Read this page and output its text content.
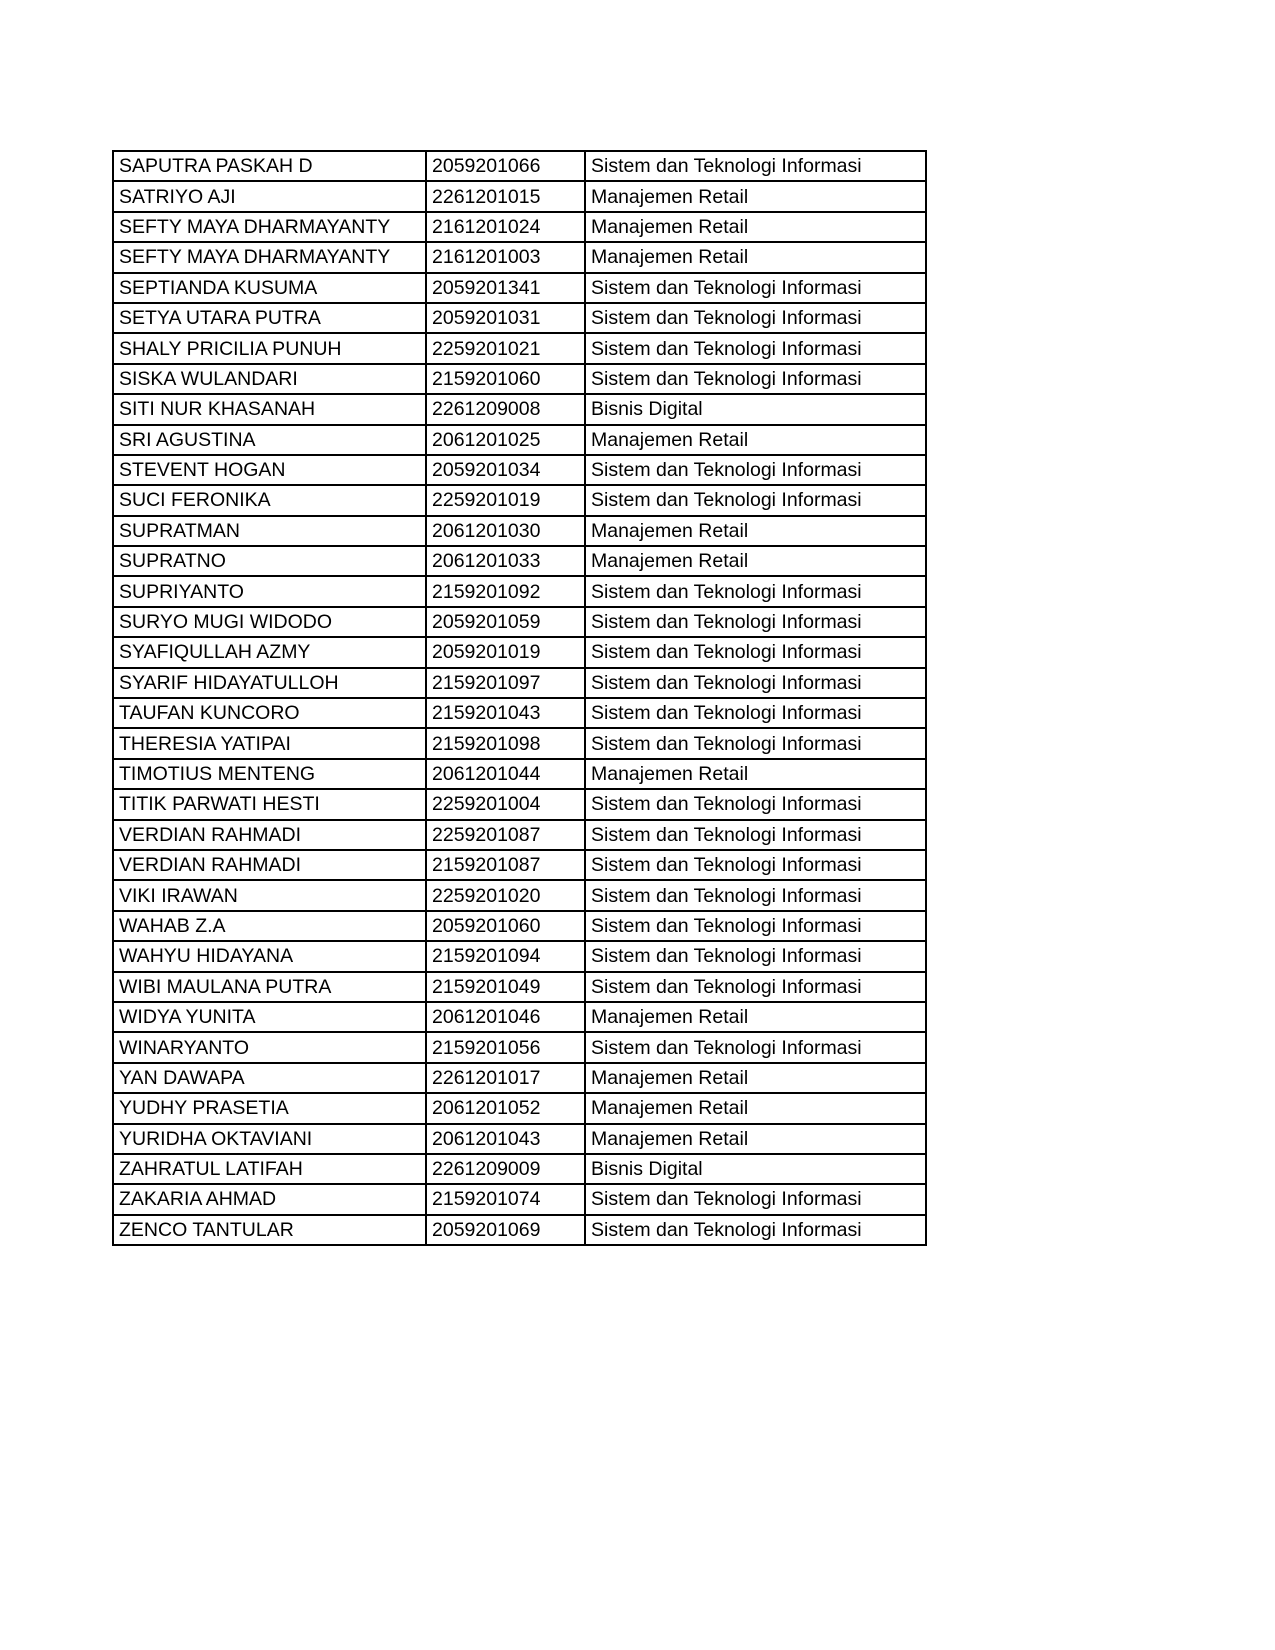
SAPUTRA PASKAH D	2059201066	Sistem dan Teknologi Informasi
SATRIYO AJI	2261201015	Manajemen Retail
SEFTY MAYA DHARMAYANTY	2161201024	Manajemen Retail
SEFTY MAYA DHARMAYANTY	2161201003	Manajemen Retail
SEPTIANDA KUSUMA	2059201341	Sistem dan Teknologi Informasi
SETYA UTARA PUTRA	2059201031	Sistem dan Teknologi Informasi
SHALY PRICILIA PUNUH	2259201021	Sistem dan Teknologi Informasi
SISKA WULANDARI	2159201060	Sistem dan Teknologi Informasi
SITI NUR KHASANAH	2261209008	Bisnis Digital
SRI AGUSTINA	2061201025	Manajemen Retail
STEVENT HOGAN	2059201034	Sistem dan Teknologi Informasi
SUCI FERONIKA	2259201019	Sistem dan Teknologi Informasi
SUPRATMAN	2061201030	Manajemen Retail
SUPRATNO	2061201033	Manajemen Retail
SUPRIYANTO	2159201092	Sistem dan Teknologi Informasi
SURYO MUGI WIDODO	2059201059	Sistem dan Teknologi Informasi
SYAFIQULLAH AZMY	2059201019	Sistem dan Teknologi Informasi
SYARIF HIDAYATULLOH	2159201097	Sistem dan Teknologi Informasi
TAUFAN KUNCORO	2159201043	Sistem dan Teknologi Informasi
THERESIA YATIPAI	2159201098	Sistem dan Teknologi Informasi
TIMOTIUS MENTENG	2061201044	Manajemen Retail
TITIK PARWATI HESTI	2259201004	Sistem dan Teknologi Informasi
VERDIAN RAHMADI	2259201087	Sistem dan Teknologi Informasi
VERDIAN RAHMADI	2159201087	Sistem dan Teknologi Informasi
VIKI IRAWAN	2259201020	Sistem dan Teknologi Informasi
WAHAB Z.A	2059201060	Sistem dan Teknologi Informasi
WAHYU HIDAYANA	2159201094	Sistem dan Teknologi Informasi
WIBI MAULANA PUTRA	2159201049	Sistem dan Teknologi Informasi
WIDYA YUNITA	2061201046	Manajemen Retail
WINARYANTO	2159201056	Sistem dan Teknologi Informasi
YAN DAWAPA	2261201017	Manajemen Retail
YUDHY PRASETIA	2061201052	Manajemen Retail
YURIDHA OKTAVIANI	2061201043	Manajemen Retail
ZAHRATUL LATIFAH	2261209009	Bisnis Digital
ZAKARIA AHMAD	2159201074	Sistem dan Teknologi Informasi
ZENCO TANTULAR	2059201069	Sistem dan Teknologi Informasi
